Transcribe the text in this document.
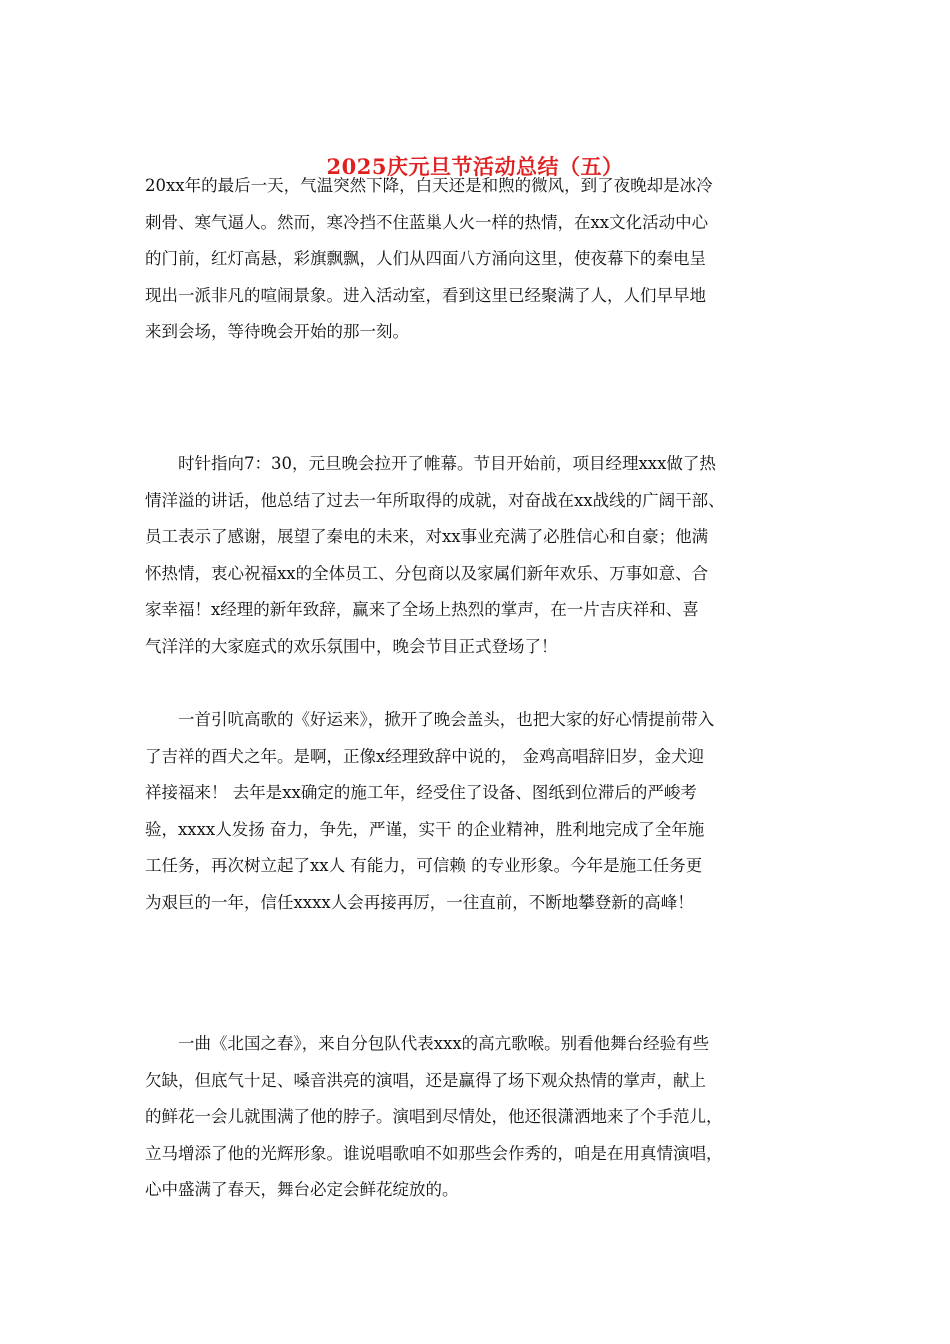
2025庆元旦节活动总结（五）
20xx年的最后一天，气温突然下降，白天还是和煦的微风，到了夜晚却是冰冷
刺骨、寒气逼人。然而，寒冷挡不住蓝巢人火一样的热情，在xx文化活动中心
的门前，红灯高悬，彩旗飘飘，人们从四面八方涌向这里，使夜幕下的秦电呈
现出一派非凡的喧闹景象。进入活动室，看到这里已经聚满了人，人们早早地
来到会场，等待晚会开始的那一刻。
　　时针指向7：30，元旦晚会拉开了帷幕。节目开始前，项目经理xxx做了热
情洋溢的讲话，他总结了过去一年所取得的成就，对奋战在xx战线的广阔干部、
员工表示了感谢，展望了秦电的未来，对xx事业充满了必胜信心和自豪；他满
怀热情，衷心祝福xx的全体员工、分包商以及家属们新年欢乐、万事如意、合
家幸福！x经理的新年致辞，赢来了全场上热烈的掌声，在一片吉庆祥和、喜
气洋洋的大家庭式的欢乐氛围中，晚会节目正式登场了！
　　一首引吭高歌的《好运来》，掀开了晚会盖头，也把大家的好心情提前带入
了吉祥的酉犬之年。是啊，正像x经理致辞中说的， 金鸡高唱辞旧岁，金犬迎
祥接福来！ 去年是xx确定的施工年，经受住了设备、图纸到位滞后的严峻考
验，xxxx人发扬 奋力，争先，严谨，实干 的企业精神，胜利地完成了全年施
工任务，再次树立起了xx人 有能力，可信赖 的专业形象。今年是施工任务更
为艰巨的一年，信任xxxx人会再接再厉，一往直前，不断地攀登新的高峰！
　　一曲《北国之春》，来自分包队代表xxx的高亢歌喉。别看他舞台经验有些
欠缺，但底气十足、嗓音洪亮的演唱，还是赢得了场下观众热情的掌声，献上
的鲜花一会儿就围满了他的脖子。演唱到尽情处，他还很潇洒地来了个手范儿，
立马增添了他的光辉形象。谁说唱歌咱不如那些会作秀的，咱是在用真情演唱，
心中盛满了春天，舞台必定会鲜花绽放的。
